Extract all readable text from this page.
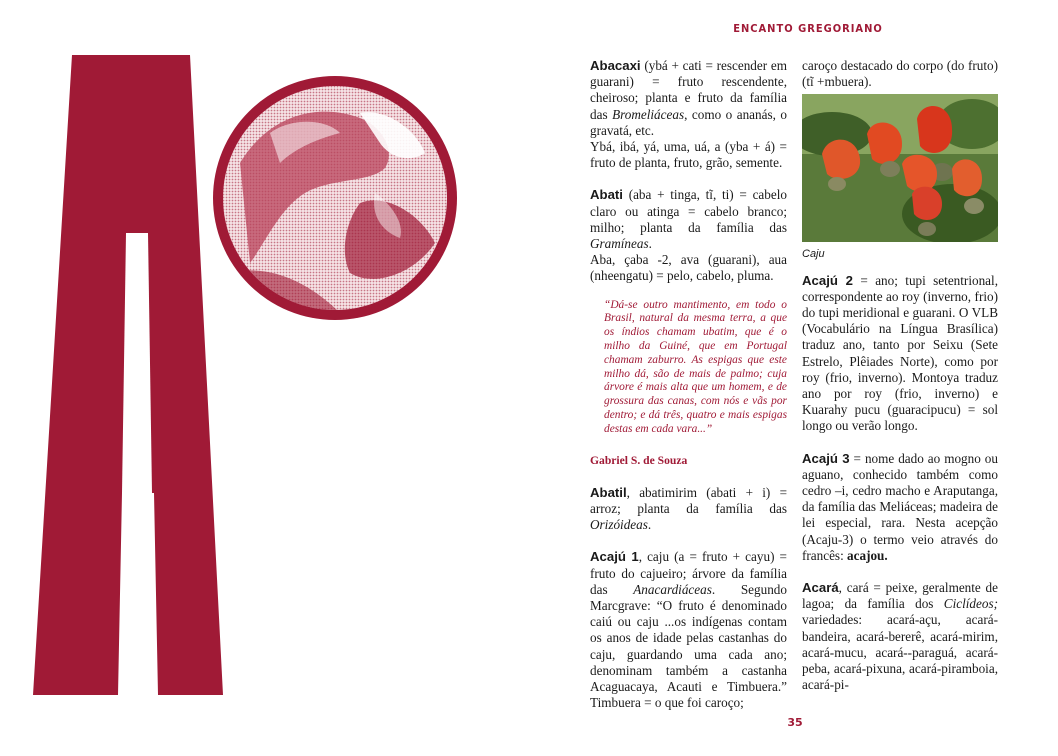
ENCANTO GREGORIANO

Abacaxi (ybá + cati = rescender em guarani) = fruto rescendente, cheiroso; planta e fruto da família das Bromeliáceas, como o ananás, o gravatá, etc.

Ybá, ibá, yá, uma, uá, a (yba + á) = fruto de planta, fruto, grão, semente.

Abati (aba + tinga, tĩ, ti) = cabelo claro ou atinga = cabelo branco; milho; planta da família das Gramíneas.

Aba, çaba -2, ava (guarani), aua (nheengatu) = pelo, cabelo, pluma.

“Dá-se outro mantimento, em todo o Brasil, natural da mesma terra, a que os índios chamam ubatim, que é o milho da Guiné, que em Portugal chamam zaburro. As espigas que este milho dá, são de mais de palmo; cuja árvore é mais alta que um homem, e de grossura das canas, com nós e vãs por dentro; e dá três, quatro e mais espigas destas em cada vara...”

Gabriel S. de Souza

Abatil, abatimirim (abati + i) = arroz; planta da família das Orizóideas.

Acajú 1, caju (a = fruto + cayu) = fruto do cajueiro; árvore da família das Anacardiáceas. Segundo Marcgrave: “O fruto é denominado caiú ou caju ...os indígenas contam os anos de idade pelas castanhas do caju, guardando uma cada ano; denominam também a castanha Acaguacaya, Acauti e Timbuera.” Timbuera = o que foi caroço;

caroço destacado do corpo (do fruto) (tĩ +mbuera).

Caju

Acajú 2 = ano; tupi setentrional, correspondente ao roy (inverno, frio) do tupi meridional e guarani. O VLB (Vocabulário na Língua Brasílica) traduz ano, tanto por Seixu (Sete Estrelo, Plêiades Norte), como por roy (frio, inverno). Montoya traduz ano por roy (frio, inverno) e Kuarahy pucu (guaracipucu) = sol longo ou verão longo.

Acajú 3 = nome dado ao mogno ou aguano, conhecido também como cedro –i, cedro macho e Araputanga, da família das Meliáceas; madeira de lei especial, rara. Nesta acepção (Acaju-3) o termo veio através do francês: acajou.

Acará, cará = peixe, geralmente de lagoa; da família dos Ciclídeos; variedades: acará-açu, acará-bandeira, acará-bererê, acará-mirim, acará-mucu, acará--paraguá, acará-peba, acará-pixuna, acará-piramboia, acará-pi-

35
